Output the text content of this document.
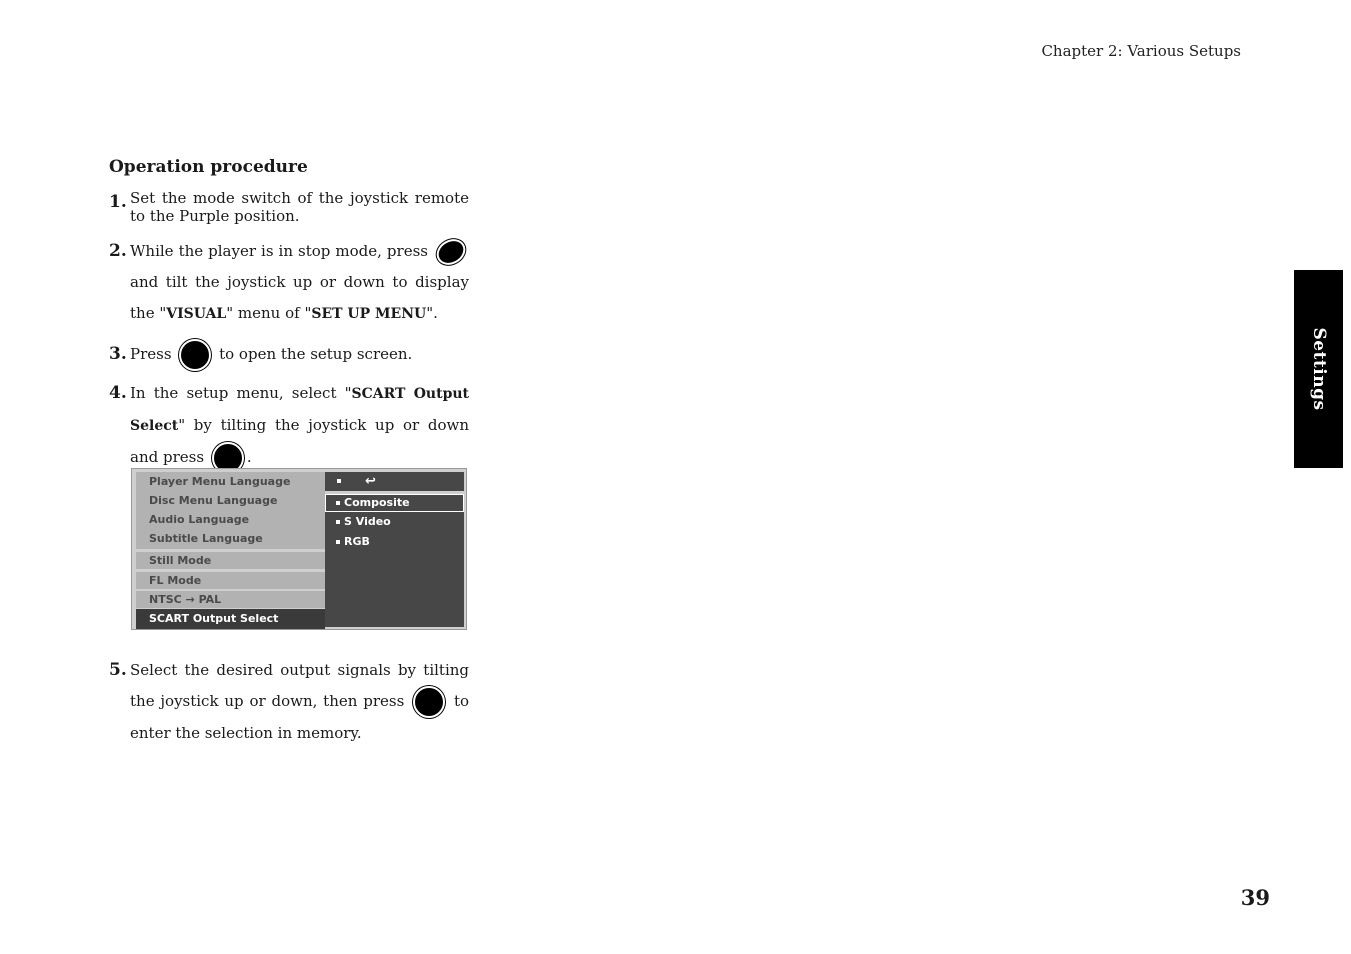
Chapter 2: Various Setups
Settings
Operation procedure
1. Set the mode switch of the joystick remote to the Purple position.
2. While the player is in stop mode, press  and tilt the joystick up or down to display the "VISUAL" menu of "SET UP MENU".
3. Press	to open the setup screen.
4. In the setup menu, select "SCART Output Select" by tilting the joystick up or down and press	.
Player Menu Language
Disc Menu Language
Audio Language
Subtitle Language
Still Mode
FL Mode
NTSC → PAL
SCART Output Select
↩
Composite
S Video
RGB
5. Select the desired output signals by tilting the joystick up or down, then press	to enter the selection in memory.
39
